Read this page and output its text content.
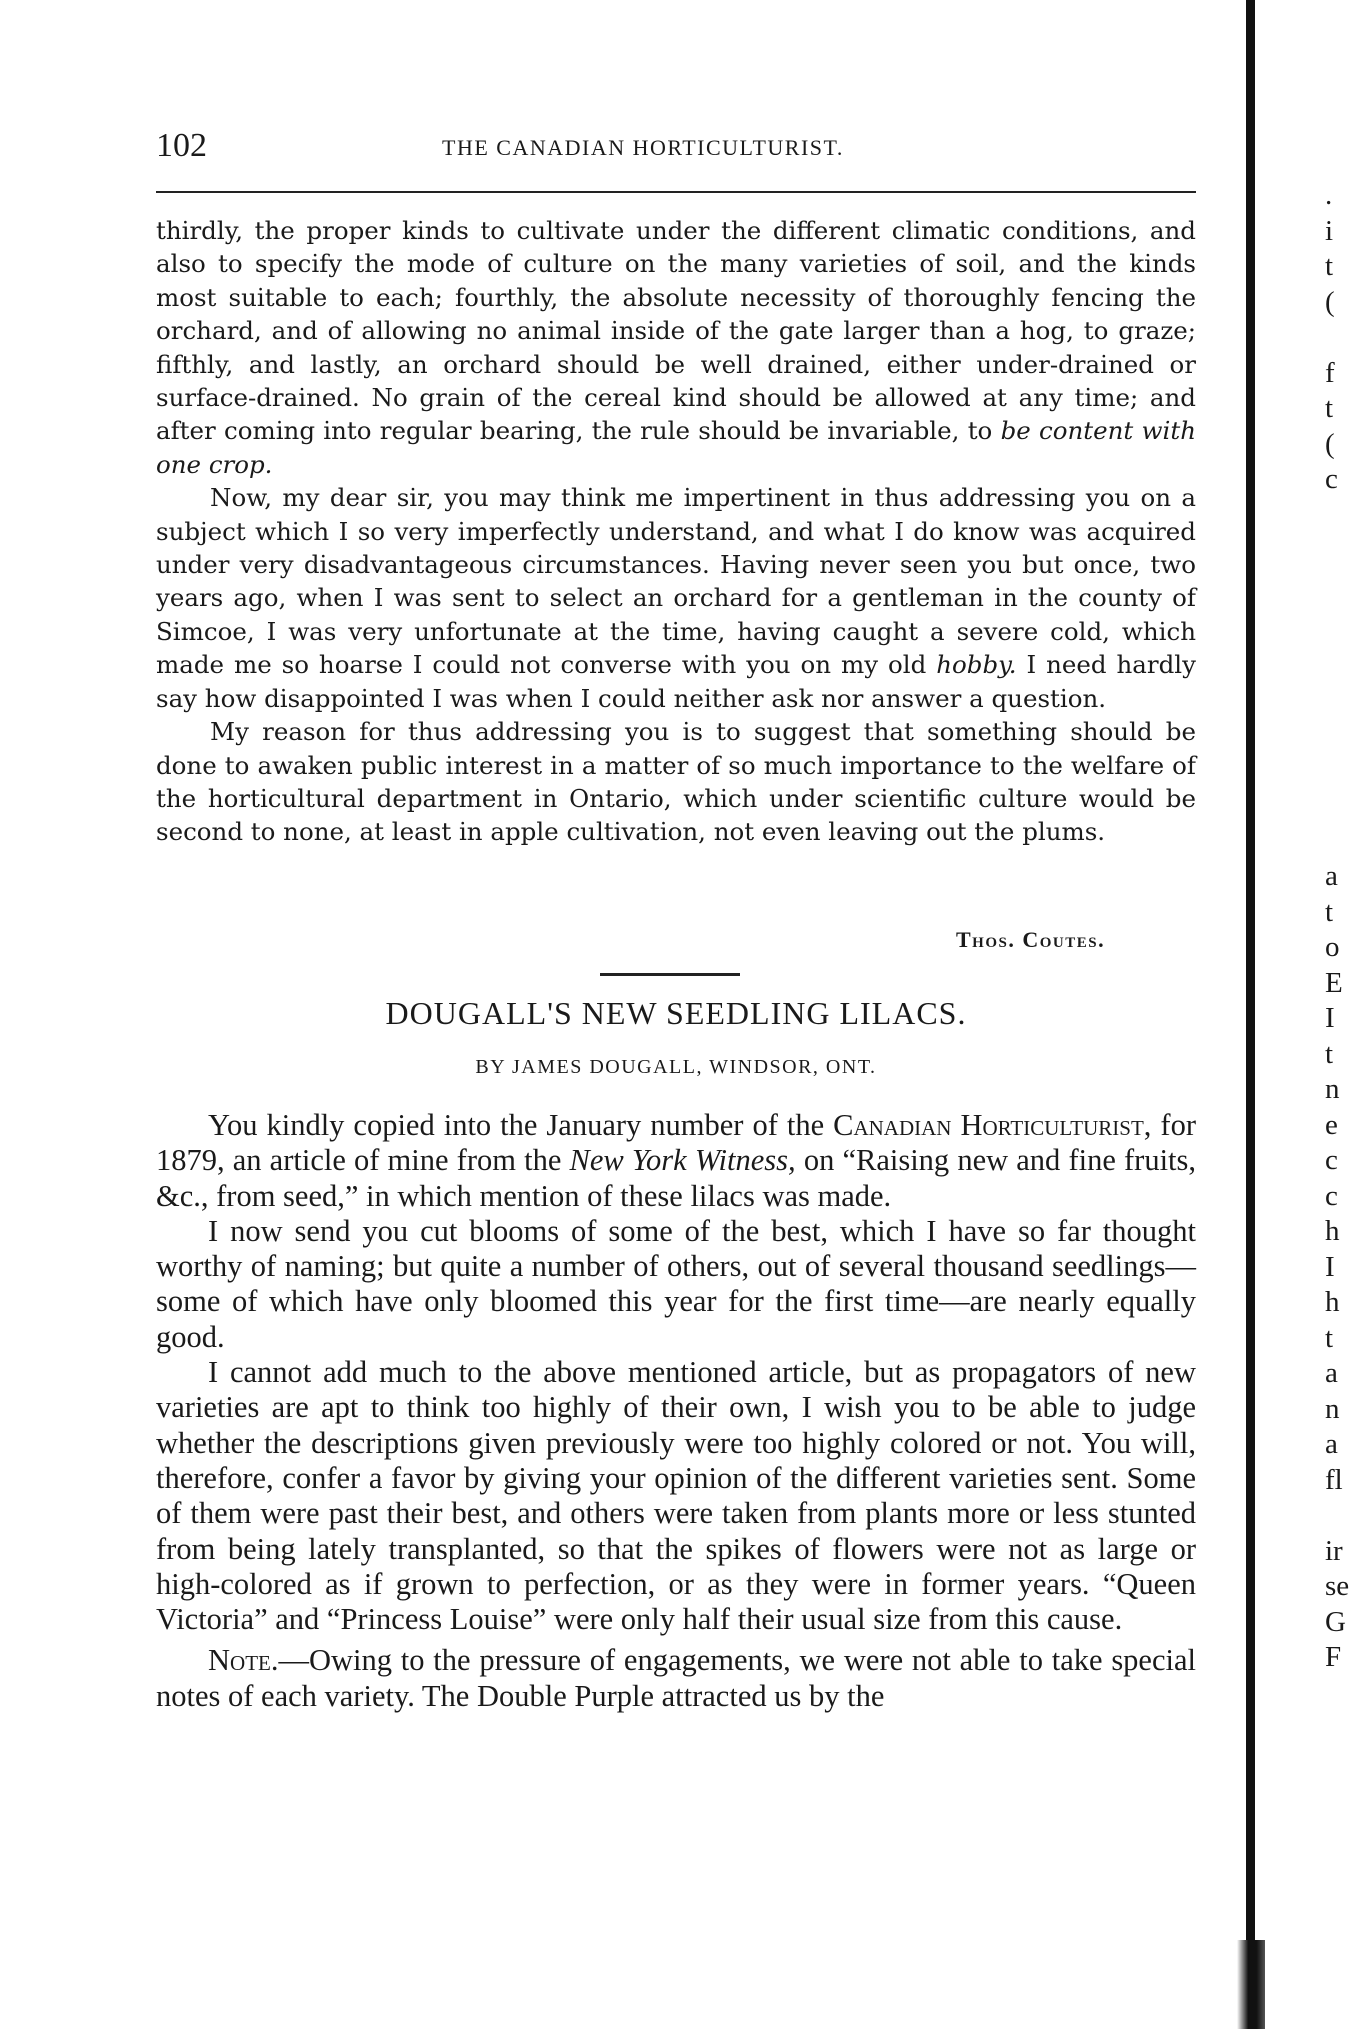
102	THE CANADIAN HORTICULTURIST.

thirdly, the proper kinds to cultivate under the different climatic conditions, and also to specify the mode of culture on the many varieties of soil, and the kinds most suitable to each; fourthly, the absolute necessity of thoroughly fencing the orchard, and of allowing no animal inside of the gate larger than a hog, to graze; fifthly, and lastly, an orchard should be well drained, either under-drained or surface-drained. No grain of the cereal kind should be allowed at any time; and after coming into regular bearing, the rule should be invariable, to be content with one crop.

Now, my dear sir, you may think me impertinent in thus addressing you on a subject which I so very imperfectly understand, and what I do know was acquired under very disadvantageous circumstances. Having never seen you but once, two years ago, when I was sent to select an orchard for a gentleman in the county of Simcoe, I was very unfortunate at the time, having caught a severe cold, which made me so hoarse I could not converse with you on my old hobby. I need hardly say how disappointed I was when I could neither ask nor answer a question.

My reason for thus addressing you is to suggest that something should be done to awaken public interest in a matter of so much importance to the welfare of the horticultural department in Ontario, which under scientific culture would be second to none, at least in apple cultivation, not even leaving out the plums.

Thos. Coutes.
DOUGALL'S NEW SEEDLING LILACS.
BY JAMES DOUGALL, WINDSOR, ONT.

You kindly copied into the January number of the Canadian Horticulturist, for 1879, an article of mine from the New York Witness, on “Raising new and fine fruits, &c., from seed,” in which mention of these lilacs was made.

I now send you cut blooms of some of the best, which I have so far thought worthy of naming; but quite a number of others, out of several thousand seedlings—some of which have only bloomed this year for the first time—are nearly equally good.

I cannot add much to the above mentioned article, but as propagators of new varieties are apt to think too highly of their own, I wish you to be able to judge whether the descriptions given previously were too highly colored or not. You will, therefore, confer a favor by giving your opinion of the different varieties sent. Some of them were past their best, and others were taken from plants more or less stunted from being lately transplanted, so that the spikes of flowers were not as large or high-colored as if grown to perfection, or as they were in former years. “Queen Victoria” and “Princess Louise” were only half their usual size from this cause.

Note.—Owing to the pressure of engagements, we were not able to take special notes of each variety. The Double Purple attracted us by the

.
i
t
(
f
t
(
c
a
t
o
E
I
t
n
e
c
c
h
I
h
t
a
n
a
fl
ir
se
G
F
